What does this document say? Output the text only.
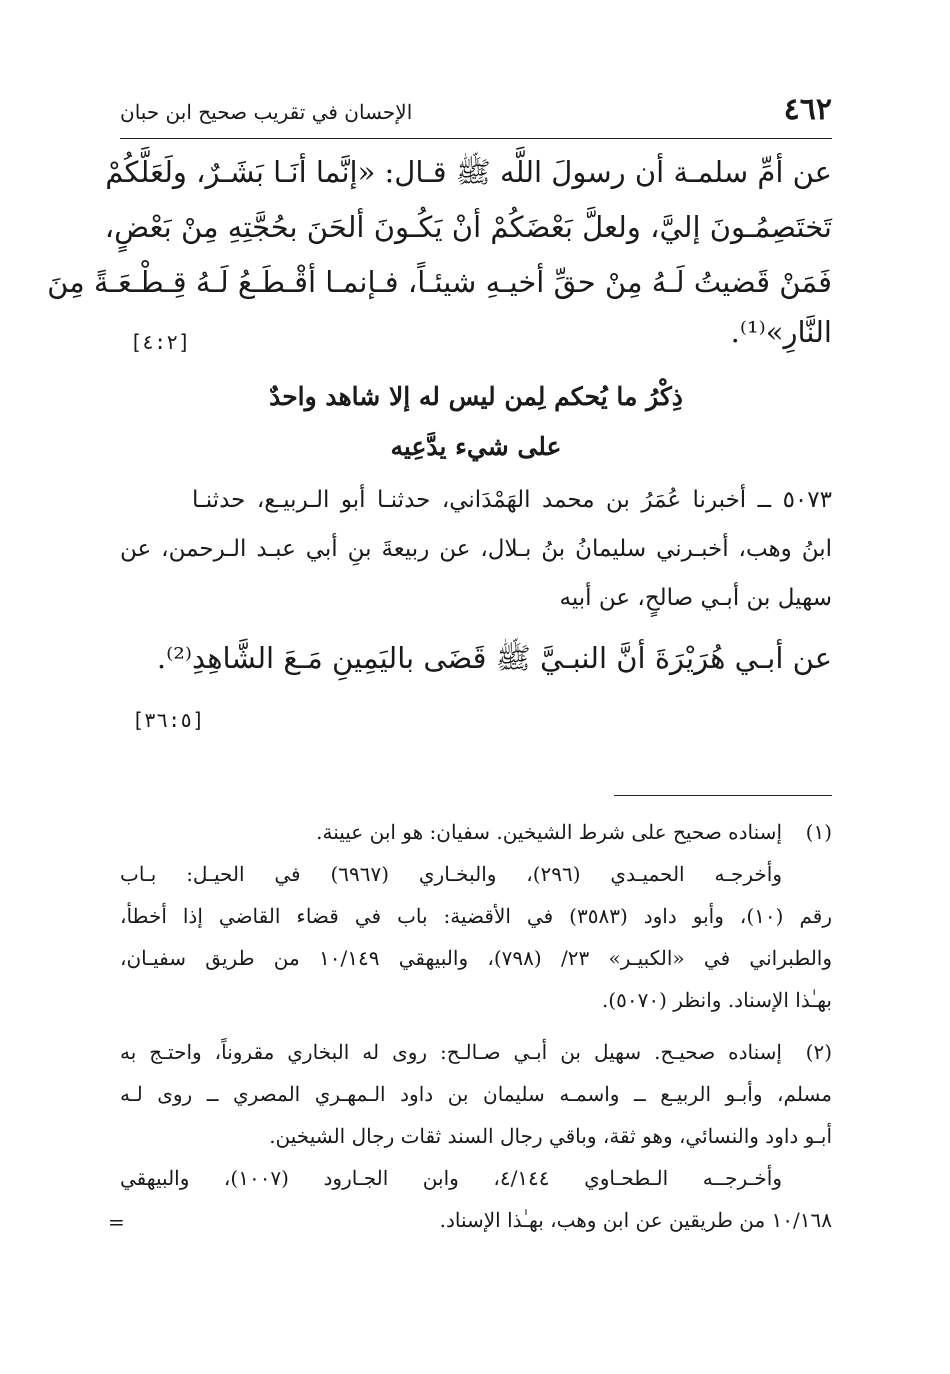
٤٦٢
الإحسان في تقريب صحيح ابن حبان
عن أمِّ سلمـة أن رسولَ اللَّه ﷺ قـال: «إنَّما أنَـا بَشَـرٌ، ولَعَلَّكُمْ
تَختَصِمُـونَ إليَّ، ولعلَّ بَعْضَكُمْ أنْ يَكُـونَ ألحَنَ بحُجَّتِهِ مِنْ بَعْضٍ،
فَمَنْ قَضيتُ لَـهُ مِنْ حقِّ أخيـهِ شيئـاً، فـإنمـا أقْـطَـعُ لَـهُ قِـطْـعَـةً مِنَ
النَّارِ»⁽¹⁾.
[٤:٢]
ذِكْرُ ما يُحكم لِمن ليس له إلا شاهد واحدٌ
على شيء يدَّعِيه
٥٠٧٣ ــ أخبرنا عُمَرُ بن محمد الهَمْدَاني، حدثنـا أبو الـربيـع، حدثنـا
ابنُ وهب، أخبـرني سليمانُ بنُ بـلال، عن ربيعةَ بنِ أبي عبـد الـرحمن، عن
سهيل بن أبـي صالحٍ، عن أبيه
عن أبـي هُرَيْرَةَ أنَّ النبـيَّ ﷺ قَضَى باليَمِينِ مَـعَ الشَّاهِدِ⁽²⁾.
[٣٦:٥]
(١)
إسناده صحيح على شرط الشيخين. سفيان: هو ابن عيينة.
وأخرجـه الحميـدي (٢٩٦)، والبخـاري (٦٩٦٧) في الحيـل: بـاب
رقم (١٠)، وأبو داود (٣٥٨٣) في الأقضية: باب في قضاء القاضي إذا أخطأ،
والطبراني في «الكبيـر» ٢٣/ (٧٩٨)، والبيهقي ١٠/١٤٩ من طريق سفيـان،
بهـٰذا الإسناد. وانظر (٥٠٧٠).
(٢)
إسناده صحيـح. سهيل بن أبـي صـالـح: روى له البخاري مقروناً، واحتـج به
مسلم، وأبـو الربيـع ــ واسمـه سليمان بن داود الـمهـري المصري ــ روى لـه
أبـو داود والنسائي، وهو ثقة، وباقي رجال السند ثقات رجال الشيخين.
وأخـرجــه الـطحـاوي ٤/١٤٤، وابن الجـارود (١٠٠٧)، والبيهقي
١٠/١٦٨ من طريقين عن ابن وهب، بهـٰذا الإسناد.
=
